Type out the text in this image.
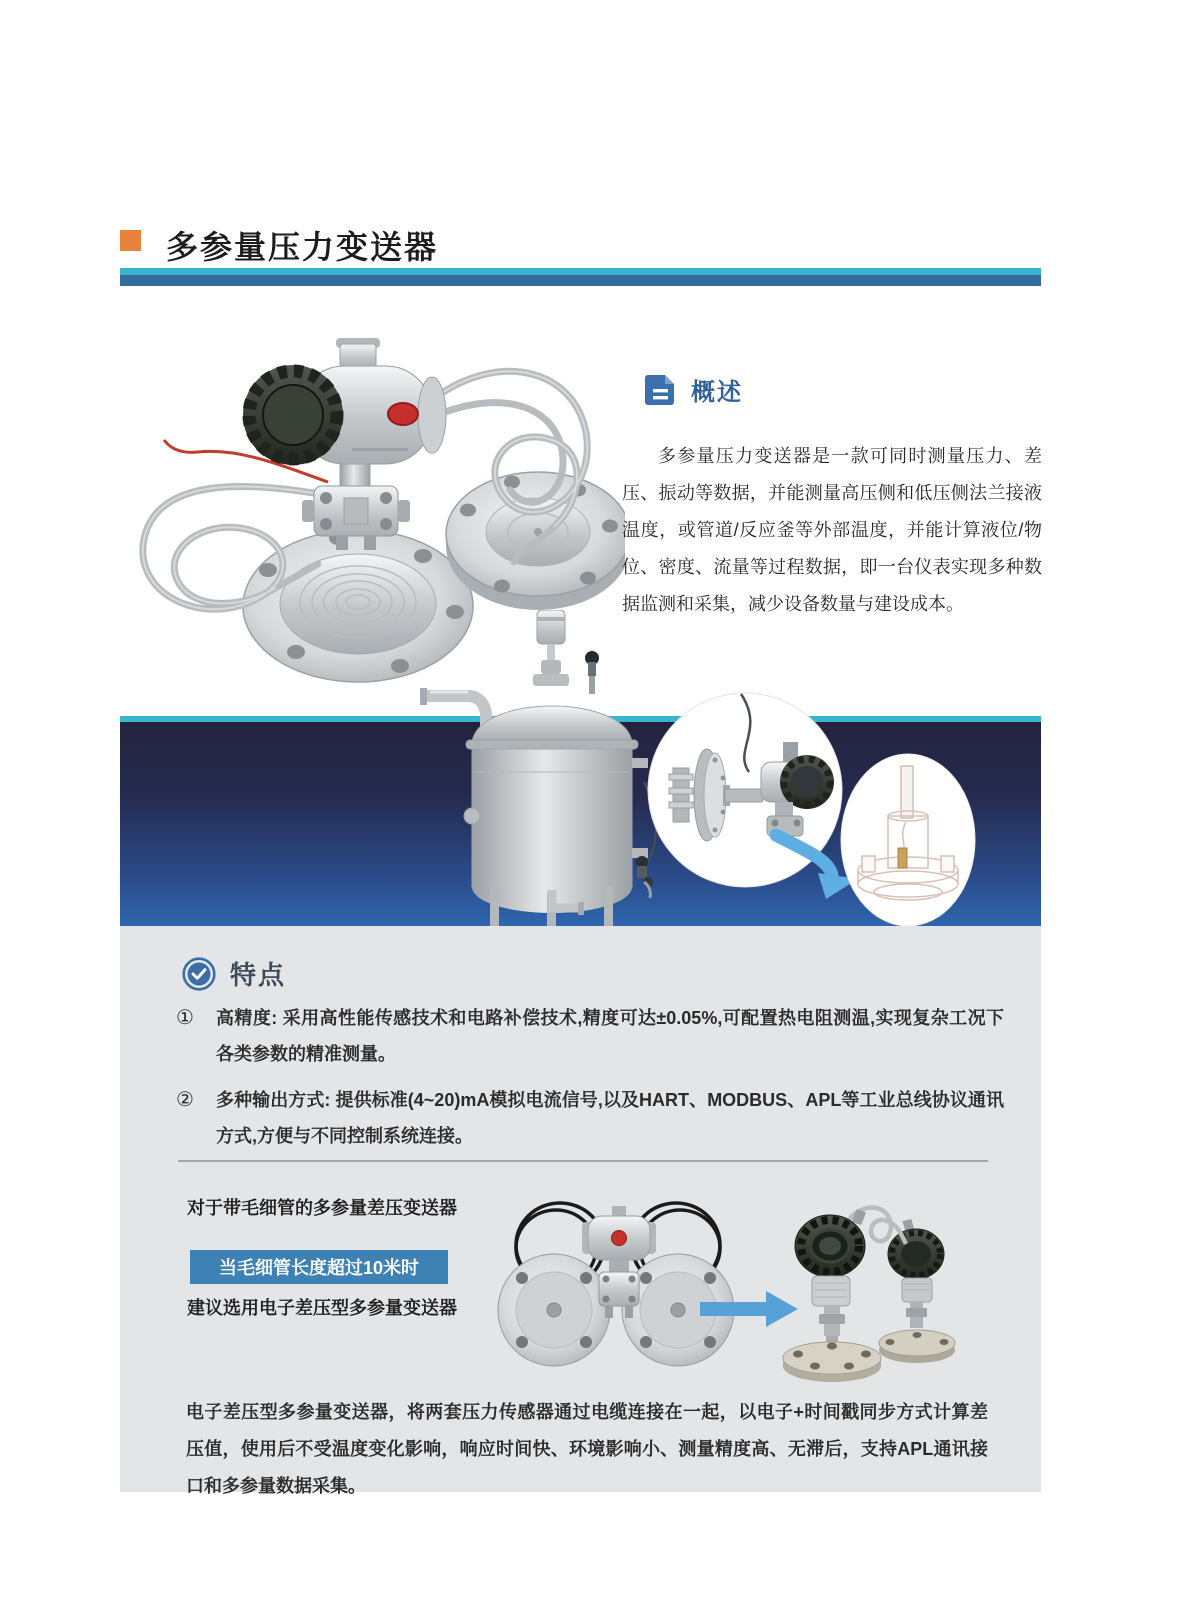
多参量压力变送器
概述
多参量压力变送器是一款可同时测量压力、差压、振动等数据，并能测量高压侧和低压侧法兰接液温度，或管道/反应釜等外部温度，并能计算液位/物位、密度、流量等过程数据，即一台仪表实现多种数据监测和采集，减少设备数量与建设成本。
特点
①	高精度: 采用高性能传感技术和电路补偿技术,精度可达±0.05%,可配置热电阻测温,实现复杂工况下各类参数的精准测量。
②	多种输出方式: 提供标准(4~20)mA模拟电流信号,以及HART、MODBUS、APL等工业总线协议通讯方式,方便与不同控制系统连接。
对于带毛细管的多参量差压变送器
当毛细管长度超过10米时
建议选用电子差压型多参量变送器
电子差压型多参量变送器，将两套压力传感器通过电缆连接在一起，以电子+时间戳同步方式计算差压值，使用后不受温度变化影响，响应时间快、环境影响小、测量精度高、无滞后，支持APL通讯接口和多参量数据采集。
